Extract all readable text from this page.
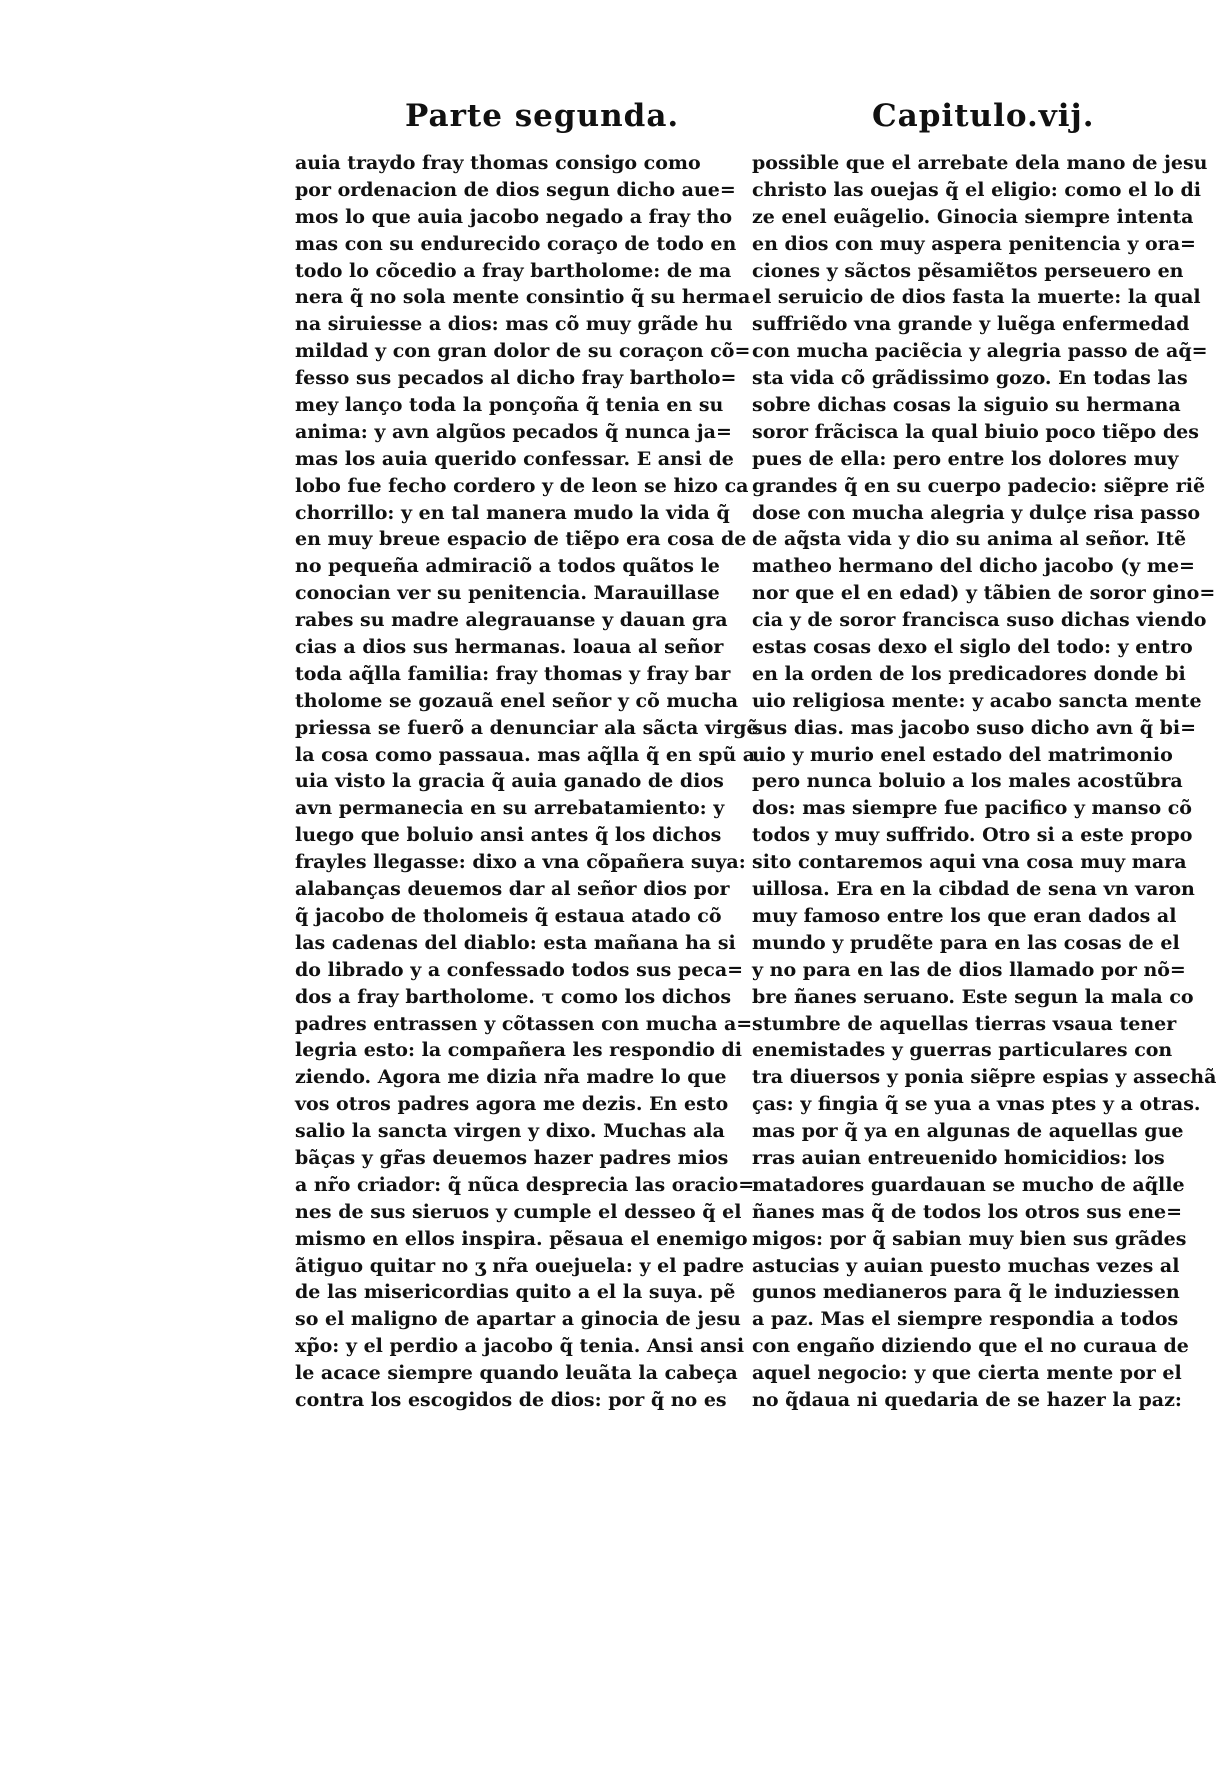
Parte segunda.	Capitulo.vij.
auia traydo fray thomas consigo como
por ordenacion de dios segun dicho aue=
mos lo que auia jacobo negado a fray tho
mas con su endurecido coraço de todo en
todo lo cõcedio a fray bartholome: de ma
nera q̃ no sola mente consintio q̃ su herma
na siruiesse a dios: mas cõ muy grãde hu
mildad y con gran dolor de su coraçon cõ=
fesso sus pecados al dicho fray bartholo=
mey lanço toda la ponçoña q̃ tenia en su
anima: y avn algũos pecados q̃ nunca ja=
mas los auia querido confessar. E ansi de
lobo fue fecho cordero y de leon se hizo ca
chorrillo: y en tal manera mudo la vida q̃
en muy breue espacio de tiẽpo era cosa de
no pequeña admiraciõ a todos quãtos le
conocian ver su penitencia. Marauillase
rabes su madre alegrauanse y dauan gra
cias a dios sus hermanas. loaua al señor
toda aq̃lla familia: fray thomas y fray bar
tholome se gozauã enel señor y cõ mucha
priessa se fuerõ a denunciar ala sãcta virgẽ
la cosa como passaua. mas aq̃lla q̃ en spũ a
uia visto la gracia q̃ auia ganado de dios
avn permanecia en su arrebatamiento: y
luego que boluio ansi antes q̃ los dichos
frayles llegasse: dixo a vna cõpañera suya:
alabanças deuemos dar al señor dios por
q̃ jacobo de tholomeis q̃ estaua atado cõ
las cadenas del diablo: esta mañana ha si
do librado y a confessado todos sus peca=
dos a fray bartholome. τ como los dichos
padres entrassen y cõtassen con mucha a=
legria esto: la compañera les respondio di
ziendo. Agora me dizia nr̃a madre lo que
vos otros padres agora me dezis. En esto
salio la sancta virgen y dixo. Muchas ala
bãças y gr̃as deuemos hazer padres mios
a nr̃o criador: q̃ nũca despreciа las oracio=
nes de sus sieruos y cumple el desseo q̃ el
mismo en ellos inspira. pẽsaua el enemigo
ãtiguo quitar no ʒ nr̃a ouejuela: y el padre
de las misericordias quito a el la suya. pẽ
so el maligno de apartar a ginocia de jesu
xp̃o: y el perdio a jacobo q̃ tenia. Ansi ansi
le acace siempre quando leuãta la cabeça
contra los escogidos de dios: por q̃ no es
possible que el arrebate dela mano de jesu
christo las ouejas q̃ el eligio: como el lo di
ze enel euãgelio. Ginocia siempre intenta
en dios con muy aspera penitencia y ora=
ciones y sãctos pẽsamiẽtos perseuero en
el seruicio de dios fasta la muerte: la qual
suffriẽdo vna grande y luẽga enfermedad
con mucha paciẽcia y alegria passo de aq̃=
sta vida cõ grãdissimo gozo. En todas las
sobre dichas cosas la siguio su hermana
soror frãcisca la qual biuio poco tiẽpo des
pues de ella: pero entre los dolores muy
grandes q̃ en su cuerpo padecio: siẽpre riẽ
dose con mucha alegria y dulçe risa passo
de aq̃sta vida y dio su anima al señor. Itẽ
matheo hermano del dicho jacobo (y me=
nor que el en edad) y tãbien de soror gino=
cia y de soror francisca suso dichas viendo
estas cosas dexo el siglo del todo: y entro
en la orden de los predicadores donde bi
uio religiosa mente: y acabo sancta mente
sus dias. mas jacobo suso dicho avn q̃ bi=
uio y murio enel estado del matrimonio
pero nunca boluio a los males acostũbra
dos: mas siempre fue pacifico y manso cõ
todos y muy suffrido. Otro si a este propo
sito contaremos aqui vna cosa muy mara
uillosa. Era en la cibdad de sena vn varon
muy famoso entre los que eran dados al
mundo y prudẽte para en las cosas de el
y no para en las de dios llamado por nõ=
bre ñanes seruano. Este segun la mala co
stumbre de aquellas tierras vsaua tener
enemistades y guerras particulares con
tra diuersos y ponia siẽpre espias y assechã
ças: y fingia q̃ se yua a vnas ptes y a otras.
mas por q̃ ya en algunas de aquellas gue
rras auian entreuenido homicidios: los
matadores guardauan se mucho de aq̃lle
ñanes mas q̃ de todos los otros sus ene=
migos: por q̃ sabian muy bien sus grãdes
astucias y auian puesto muchas vezes al
gunos medianeros para q̃ le induziessen
a paz. Mas el siempre respondia a todos
con engaño diziendo que el no curaua de
aquel negocio: y que cierta mente por el
no q̃daua ni quedaria de se hazer la paz:
